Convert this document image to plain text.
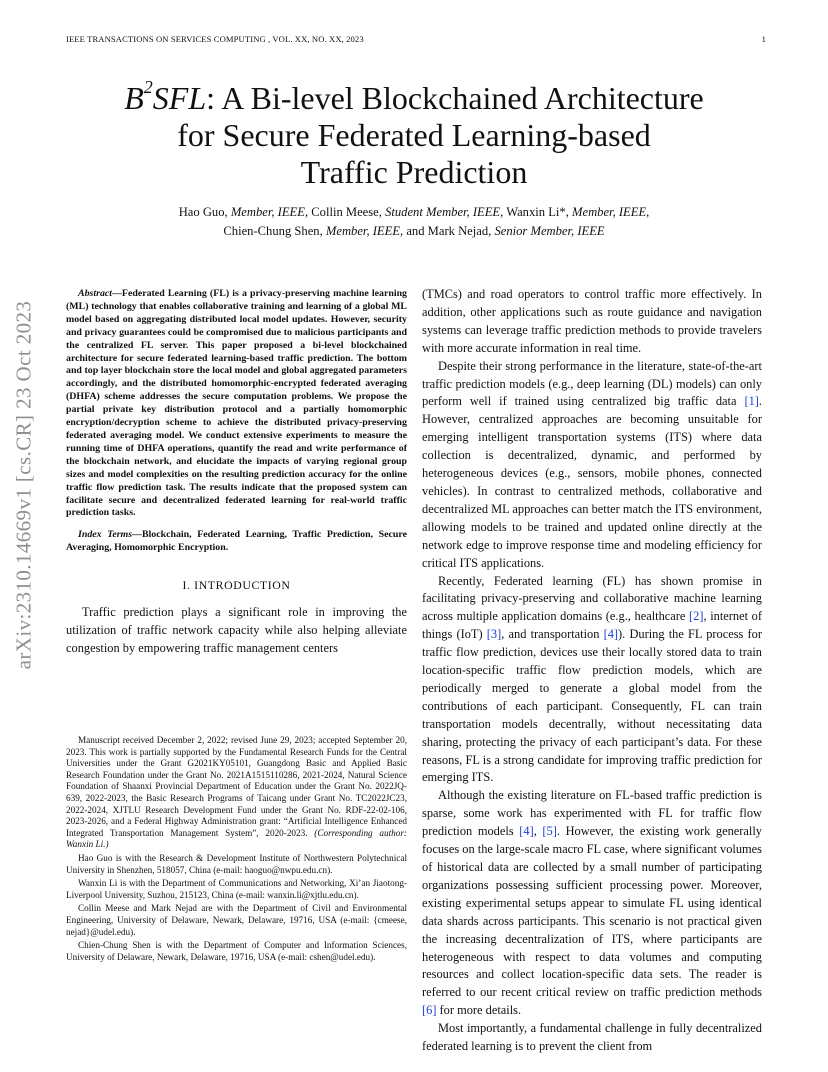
IEEE TRANSACTIONS ON SERVICES COMPUTING , VOL. XX, NO. XX, 2023	1
arXiv:2310.14669v1 [cs.CR] 23 Oct 2023
$B^2SFL$: A Bi-level Blockchained Architecture
for Secure Federated Learning-based
Traffic Prediction
Hao Guo, Member, IEEE, Collin Meese, Student Member, IEEE, Wanxin Li*, Member, IEEE,
Chien-Chung Shen, Member, IEEE, and Mark Nejad, Senior Member, IEEE

Abstract—Federated Learning (FL) is a privacy-preserving machine learning (ML) technology that enables collaborative training and learning of a global ML model based on aggregating distributed local model updates. However, security and privacy guarantees could be compromised due to malicious participants and the centralized FL server. This paper proposed a bi-level blockchained architecture for secure federated learning-based traffic prediction. The bottom and top layer blockchain store the local model and global aggregated parameters accordingly, and the distributed homomorphic-encrypted federated averaging (DHFA) scheme addresses the secure computation problems. We propose the partial private key distribution protocol and a partially homomorphic encryption/decryption scheme to achieve the distributed privacy-preserving federated averaging model. We conduct extensive experiments to measure the running time of DHFA operations, quantify the read and write performance of the blockchain network, and elucidate the impacts of varying regional group sizes and model complexities on the resulting prediction accuracy for the online traffic flow prediction task. The results indicate that the proposed system can facilitate secure and decentralized federated learning for real-world traffic prediction tasks.

Index Terms—Blockchain, Federated Learning, Traffic Prediction, Secure Averaging, Homomorphic Encryption.

I. INTRODUCTION

Traffic prediction plays a significant role in improving the utilization of traffic network capacity while also helping alleviate congestion by empowering traffic management centers

Manuscript received December 2, 2022; revised June 29, 2023; accepted September 20, 2023. This work is partially supported by the Fundamental Research Funds for the Central Universities under the Grant G2021KY05101, Guangdong Basic and Applied Basic Research Foundation under the Grant No. 2021A1515110286, 2021-2024, Natural Science Foundation of Shaanxi Provincial Department of Education under the Grant No. 2022JQ-639, 2022-2023, the Basic Research Programs of Taicang under Grant No. TC2022JC23, 2022-2024, XJTLU Research Development Fund under the Grant No. RDF-22-02-106, 2023-2026, and a Federal Highway Administration grant: “Artificial Intelligence Enhanced Integrated Transportation Management System”, 2020-2023. (Corresponding author: Wanxin Li.)

Hao Guo is with the Research & Development Institute of Northwestern Polytechnical University in Shenzhen, 518057, China (e-mail: haoguo@nwpu.edu.cn).

Wanxin Li is with the Department of Communications and Networking, Xi’an Jiaotong-Liverpool University, Suzhou, 215123, China (e-mail: wanxin.li@xjtlu.edu.cn).

Collin Meese and Mark Nejad are with the Department of Civil and Environmental Engineering, University of Delaware, Newark, Delaware, 19716, USA (e-mail: {cmeese, nejad}@udel.edu).

Chien-Chung Shen is with the Department of Computer and Information Sciences, University of Delaware, Newark, Delaware, 19716, USA (e-mail: cshen@udel.edu).

(TMCs) and road operators to control traffic more effectively. In addition, other applications such as route guidance and navigation systems can leverage traffic prediction methods to provide travelers with more accurate information in real time.

Despite their strong performance in the literature, state-of-the-art traffic prediction models (e.g., deep learning (DL) models) can only perform well if trained using centralized big traffic data [1]. However, centralized approaches are becoming unsuitable for emerging intelligent transportation systems (ITS) where data collection is decentralized, dynamic, and performed by heterogeneous devices (e.g., sensors, mobile phones, connected vehicles). In contrast to centralized methods, collaborative and decentralized ML approaches can better match the ITS environment, allowing models to be trained and updated online directly at the network edge to improve response time and modeling efficiency for critical ITS applications.

Recently, Federated learning (FL) has shown promise in facilitating privacy-preserving and collaborative machine learning across multiple application domains (e.g., healthcare [2], internet of things (IoT) [3], and transportation [4]). During the FL process for traffic flow prediction, devices use their locally stored data to train location-specific traffic flow prediction models, which are periodically merged to generate a global model from the contributions of each participant. Consequently, FL can train transportation models decentrally, without necessitating data sharing, protecting the privacy of each participant’s data. For these reasons, FL is a strong candidate for improving traffic prediction for emerging ITS.

Although the existing literature on FL-based traffic prediction is sparse, some work has experimented with FL for traffic flow prediction models [4], [5]. However, the existing work generally focuses on the large-scale macro FL case, where significant volumes of historical data are collected by a small number of participating organizations possessing sufficient processing power. Moreover, existing experimental setups appear to simulate FL using identical data shards across participants. This scenario is not practical given the increasing decentralization of ITS, where participants are heterogeneous with respect to data volumes and computing resources and collect location-specific data sets. The reader is referred to our recent critical review on traffic prediction methods [6] for more details.

Most importantly, a fundamental challenge in fully decentralized federated learning is to prevent the client from
